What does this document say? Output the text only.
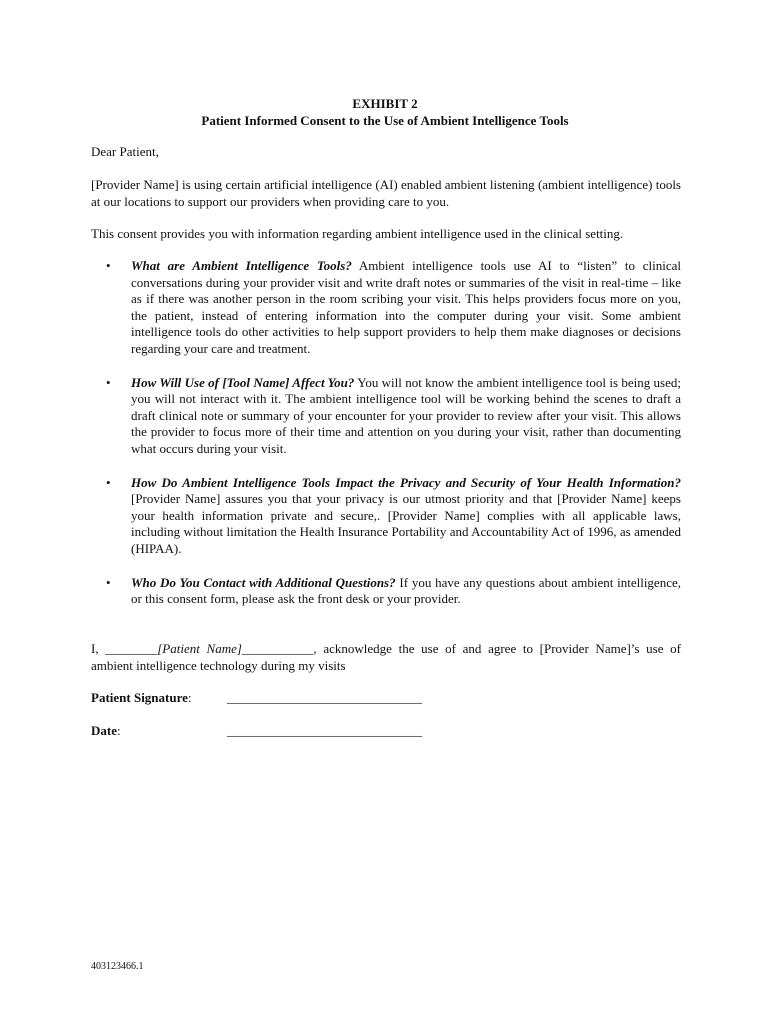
EXHIBIT 2
Patient Informed Consent to the Use of Ambient Intelligence Tools
Dear Patient,
[Provider Name] is using certain artificial intelligence (AI) enabled ambient listening (ambient intelligence) tools at our locations to support our providers when providing care to you.
This consent provides you with information regarding ambient intelligence used in the clinical setting.
• What are Ambient Intelligence Tools? Ambient intelligence tools use AI to “listen” to clinical conversations during your provider visit and write draft notes or summaries of the visit in real-time – like as if there was another person in the room scribing your visit. This helps providers focus more on you, the patient, instead of entering information into the computer during your visit. Some ambient intelligence tools do other activities to help support providers to help them make diagnoses or decisions regarding your care and treatment.
• How Will Use of [Tool Name] Affect You? You will not know the ambient intelligence tool is being used; you will not interact with it. The ambient intelligence tool will be working behind the scenes to draft a draft clinical note or summary of your encounter for your provider to review after your visit. This allows the provider to focus more of their time and attention on you during your visit, rather than documenting what occurs during your visit.
• How Do Ambient Intelligence Tools Impact the Privacy and Security of Your Health Information? [Provider Name] assures you that your privacy is our utmost priority and that [Provider Name] keeps your health information private and secure,. [Provider Name] complies with all applicable laws, including without limitation the Health Insurance Portability and Accountability Act of 1996, as amended (HIPAA).
• Who Do You Contact with Additional Questions? If you have any questions about ambient intelligence, or this consent form, please ask the front desk or your provider.
I, ________[Patient Name]___________, acknowledge the use of and agree to [Provider Name]’s use of ambient intelligence technology during my visits
Patient Signature:	______________________________
Date:	______________________________
403123466.1
